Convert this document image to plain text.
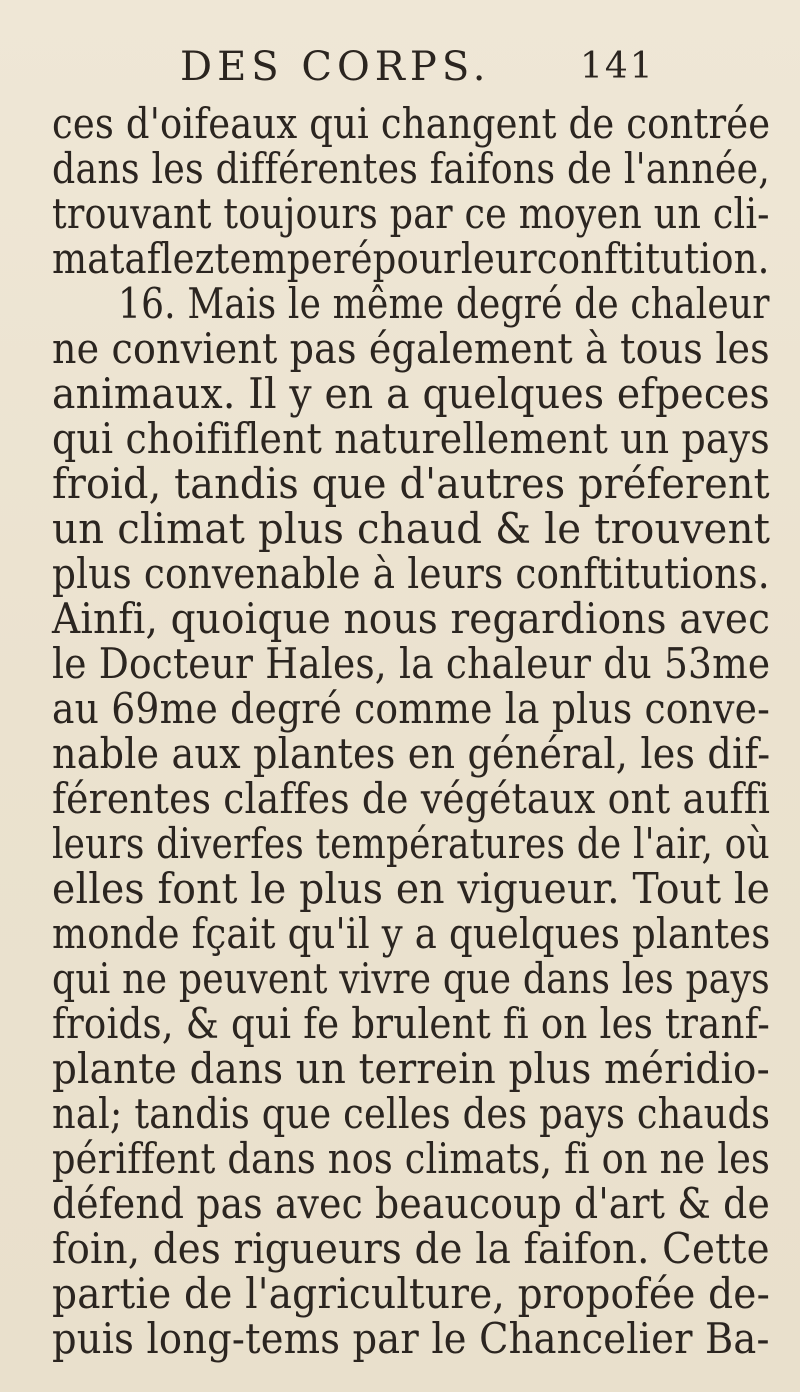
DES CORPS. 141
ces d'oifeaux qui changent de contrée
dans les différentes faifons de l'année,
trouvant toujours par ce moyen un cli-
matafleztemperépourleurconftitution.
16. Mais le même degré de chaleur
ne convient pas également à tous les
animaux. Il y en a quelques efpeces
qui choififlent naturellement un pays
froid, tandis que d'autres préferent
un climat plus chaud & le trouvent
plus convenable à leurs conftitutions.
Ainfi, quoique nous regardions avec
le Docteur Hales, la chaleur du 53me
au 69me degré comme la plus conve-
nable aux plantes en général, les dif-
férentes claffes de végétaux ont auffi
leurs diverfes températures de l'air, où
elles font le plus en vigueur. Tout le
monde fçait qu'il y a quelques plantes
qui ne peuvent vivre que dans les pays
froids, & qui fe brulent fi on les tranf-
plante dans un terrein plus méridio-
nal; tandis que celles des pays chauds
périffent dans nos climats, fi on ne les
défend pas avec beaucoup d'art & de
foin, des rigueurs de la faifon. Cette
partie de l'agriculture, propofée de-
puis long-tems par le Chancelier Ba-
